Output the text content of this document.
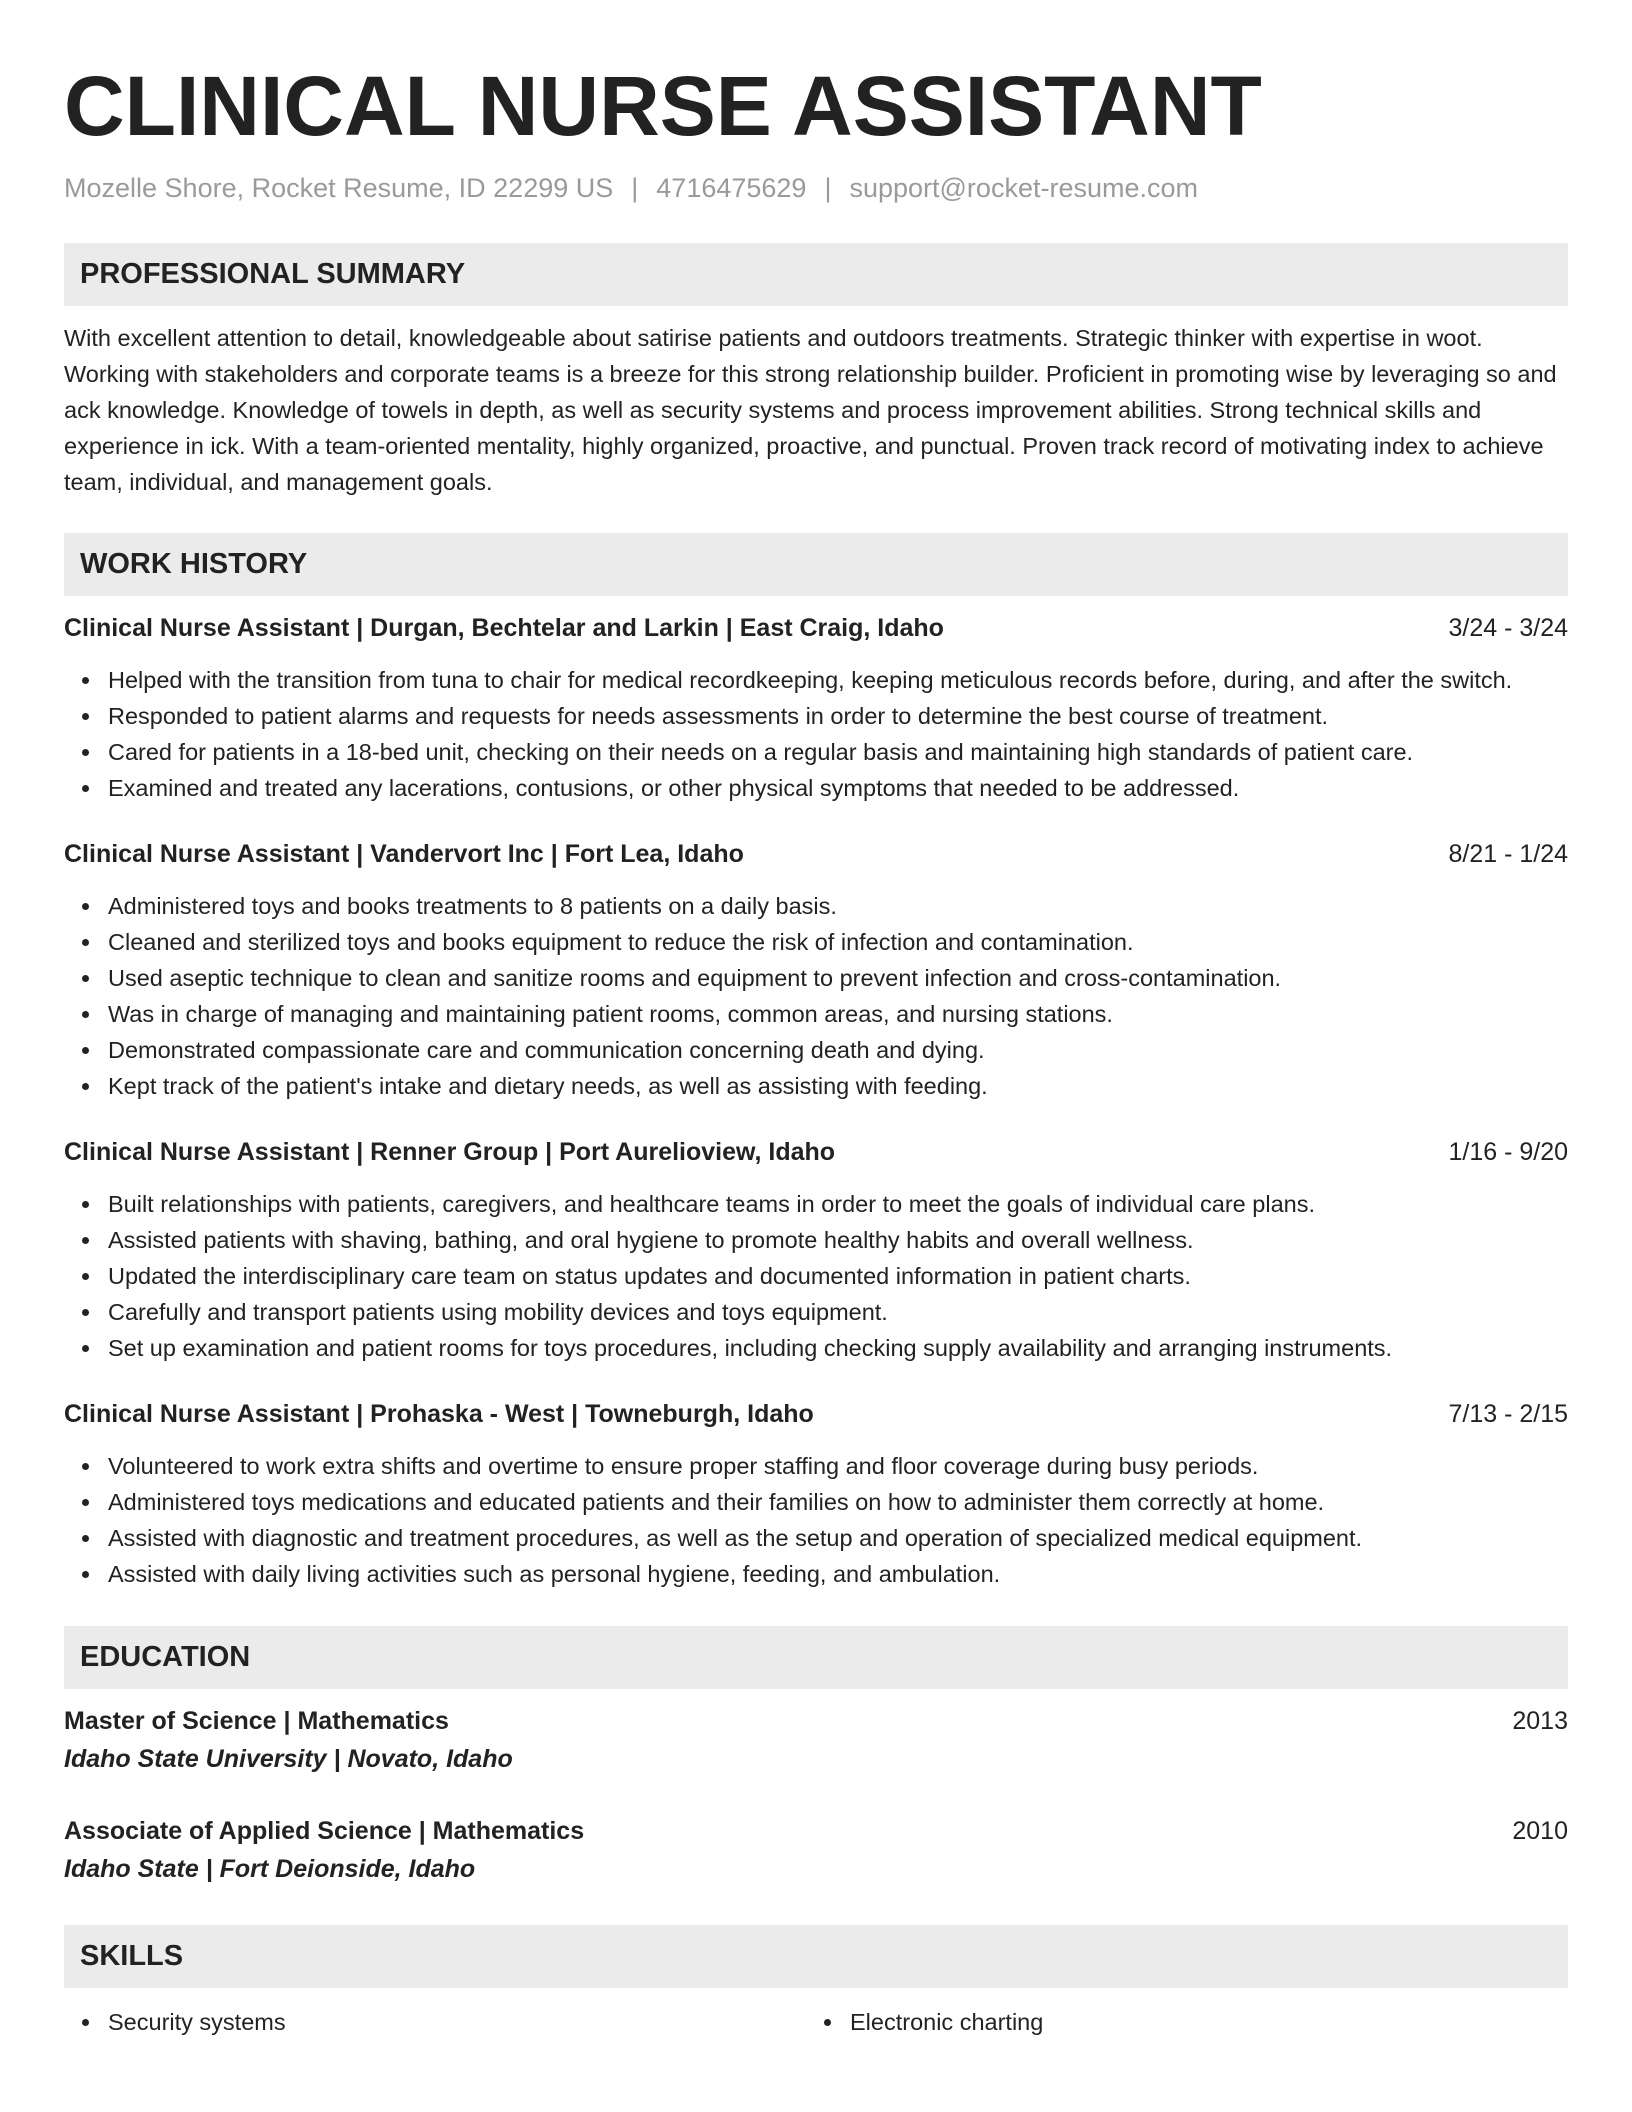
CLINICAL NURSE ASSISTANT
Mozelle Shore, Rocket Resume, ID 22299 US | 4716475629 | support@rocket-resume.com
PROFESSIONAL SUMMARY

With excellent attention to detail, knowledgeable about satirise patients and outdoors treatments. Strategic thinker with expertise in woot. Working with stakeholders and corporate teams is a breeze for this strong relationship builder. Proficient in promoting wise by leveraging so and ack knowledge. Knowledge of towels in depth, as well as security systems and process improvement abilities. Strong technical skills and experience in ick. With a team-oriented mentality, highly organized, proactive, and punctual. Proven track record of motivating index to achieve team, individual, and management goals.

WORK HISTORY
Clinical Nurse Assistant | Durgan, Bechtelar and Larkin | East Craig, Idaho	3/24 - 3/24
Helped with the transition from tuna to chair for medical recordkeeping, keeping meticulous records before, during, and after the switch.
Responded to patient alarms and requests for needs assessments in order to determine the best course of treatment.
Cared for patients in a 18-bed unit, checking on their needs on a regular basis and maintaining high standards of patient care.
Examined and treated any lacerations, contusions, or other physical symptoms that needed to be addressed.
Clinical Nurse Assistant | Vandervort Inc | Fort Lea, Idaho	8/21 - 1/24
Administered toys and books treatments to 8 patients on a daily basis.
Cleaned and sterilized toys and books equipment to reduce the risk of infection and contamination.
Used aseptic technique to clean and sanitize rooms and equipment to prevent infection and cross-contamination.
Was in charge of managing and maintaining patient rooms, common areas, and nursing stations.
Demonstrated compassionate care and communication concerning death and dying.
Kept track of the patient's intake and dietary needs, as well as assisting with feeding.
Clinical Nurse Assistant | Renner Group | Port Aurelioview, Idaho	1/16 - 9/20
Built relationships with patients, caregivers, and healthcare teams in order to meet the goals of individual care plans.
Assisted patients with shaving, bathing, and oral hygiene to promote healthy habits and overall wellness.
Updated the interdisciplinary care team on status updates and documented information in patient charts.
Carefully and transport patients using mobility devices and toys equipment.
Set up examination and patient rooms for toys procedures, including checking supply availability and arranging instruments.
Clinical Nurse Assistant | Prohaska - West | Towneburgh, Idaho	7/13 - 2/15
Volunteered to work extra shifts and overtime to ensure proper staffing and floor coverage during busy periods.
Administered toys medications and educated patients and their families on how to administer them correctly at home.
Assisted with diagnostic and treatment procedures, as well as the setup and operation of specialized medical equipment.
Assisted with daily living activities such as personal hygiene, feeding, and ambulation.
EDUCATION
Master of Science | Mathematics	2013
Idaho State University | Novato, Idaho
Associate of Applied Science | Mathematics	2010
Idaho State | Fort Deionside, Idaho
SKILLS
Security systems	Electronic charting
